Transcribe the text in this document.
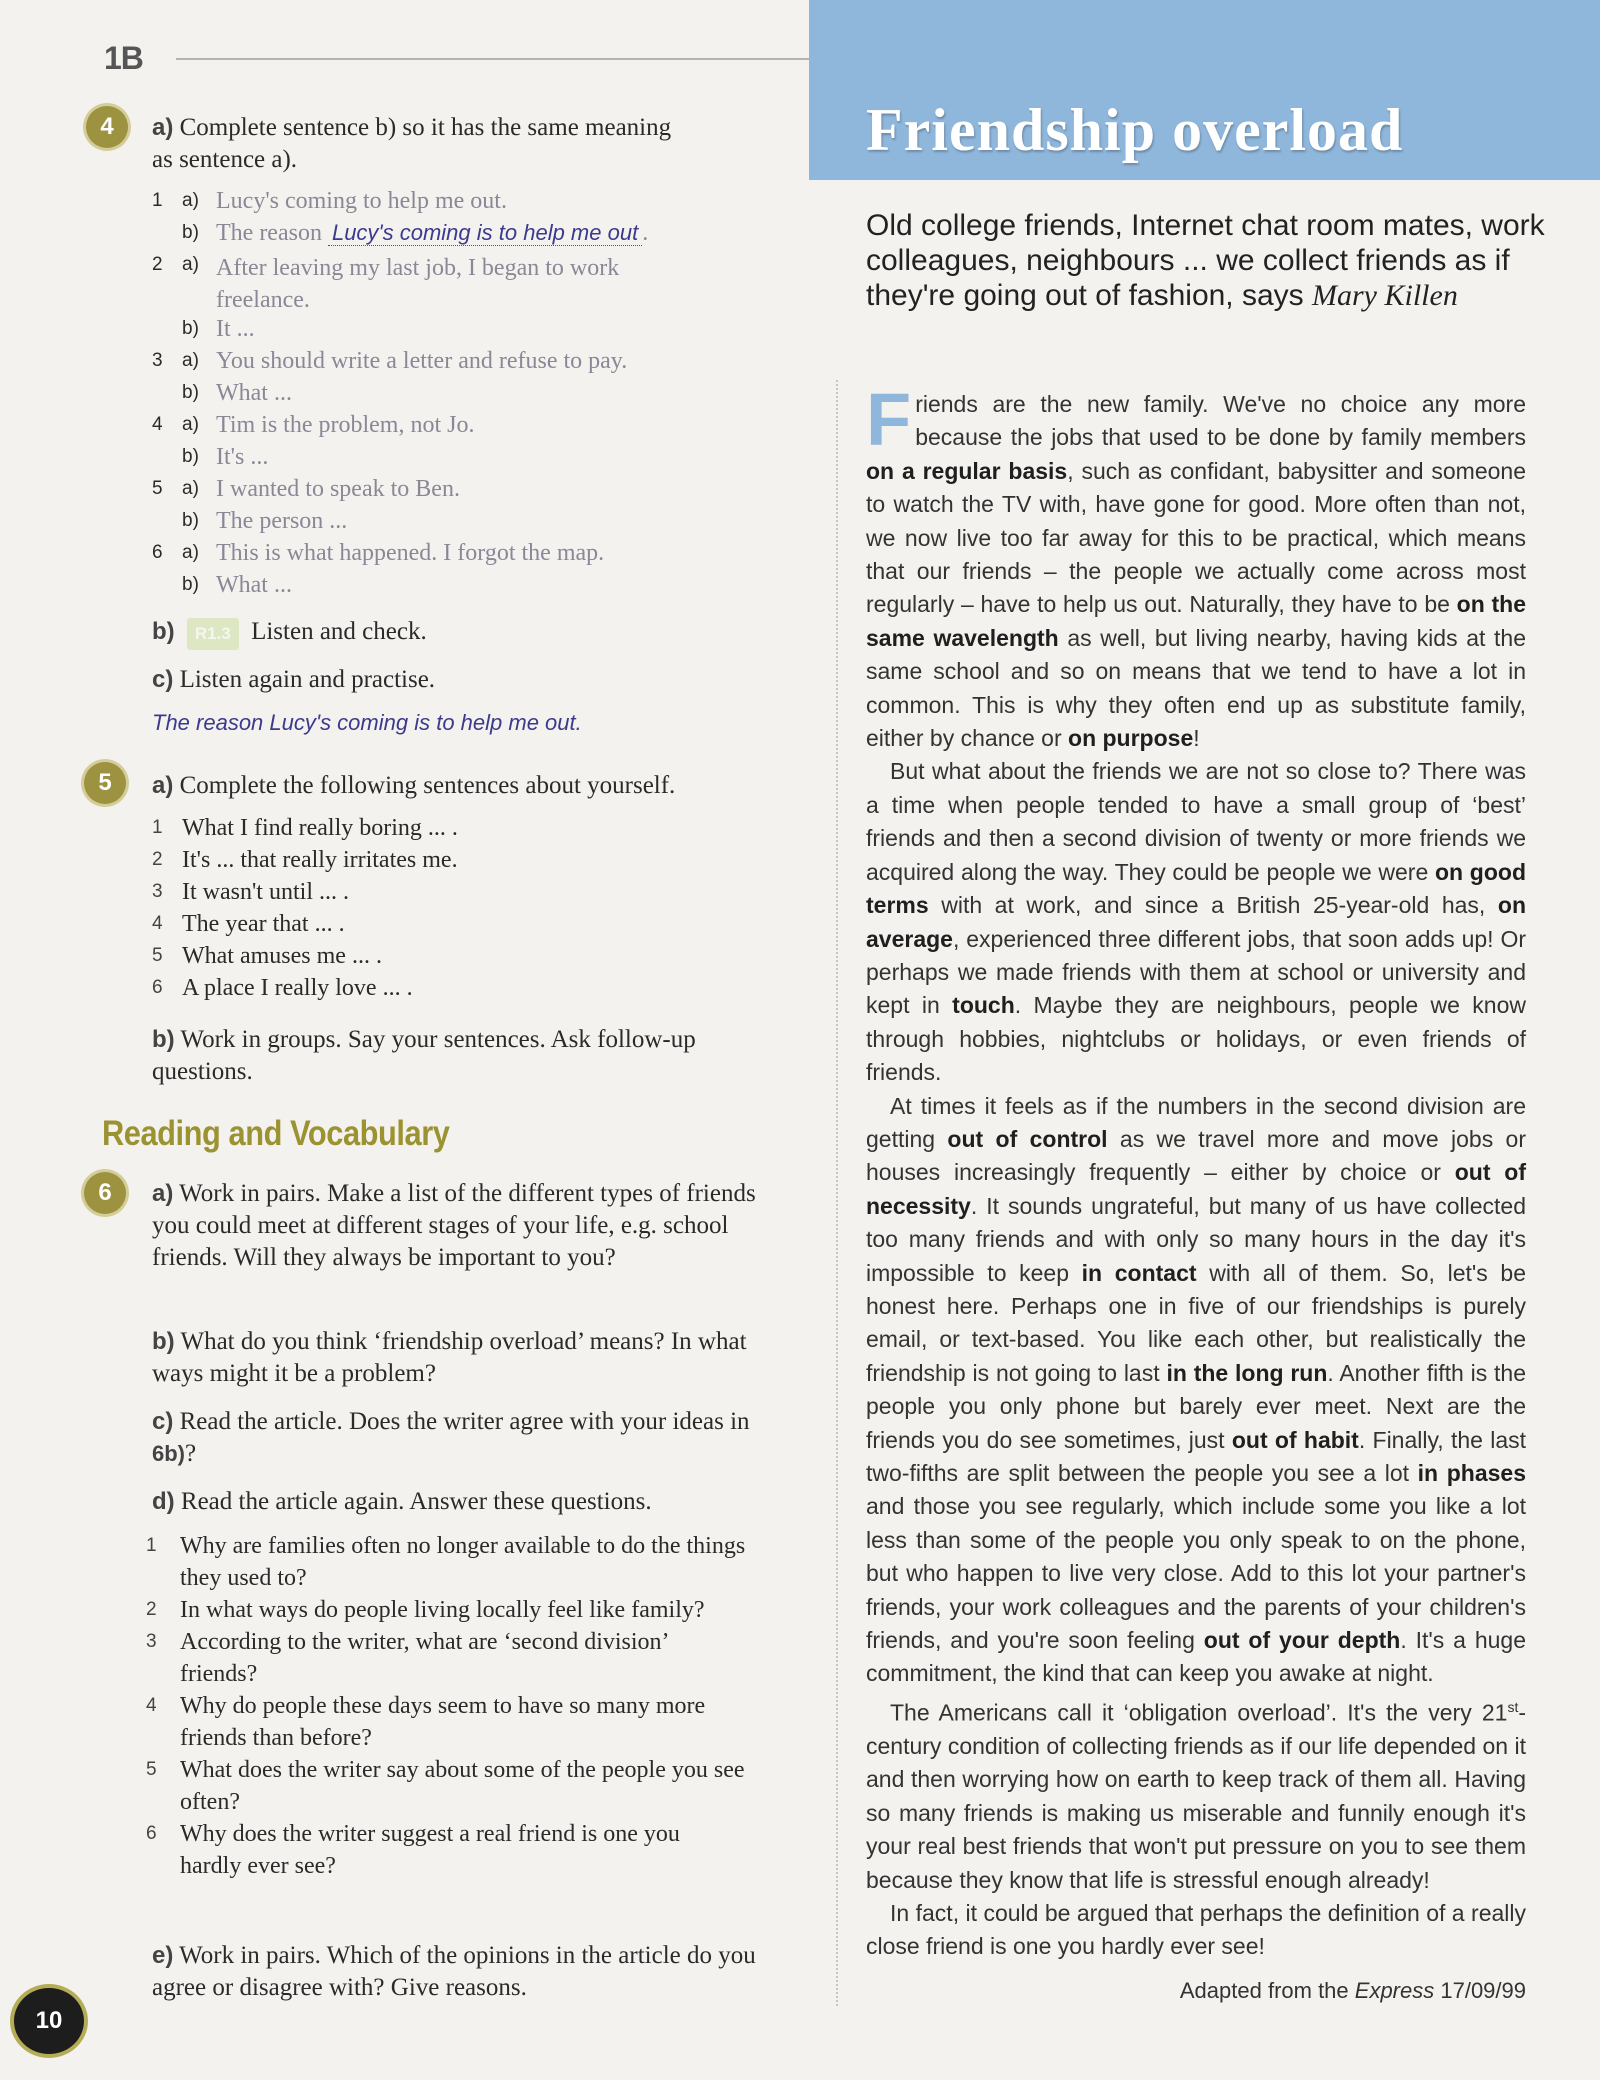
1B
4	a) Complete sentence b) so it has the same meaning as sentence a).
1 a) Lucy's coming to help me out.
b) The reason Lucy's coming is to help me out .
2 a) After leaving my last job, I began to work freelance.
b) It ...
3 a) You should write a letter and refuse to pay.
b) What ...
4 a) Tim is the problem, not Jo.
b) It's ...
5 a) I wanted to speak to Ben.
b) The person ...
6 a) This is what happened. I forgot the map.
b) What ...
b) R1.3 Listen and check.
c) Listen again and practise.
The reason Lucy's coming is to help me out.
5	a) Complete the following sentences about yourself.
1 What I find really boring ... .
2 It's ... that really irritates me.
3 It wasn't until ... .
4 The year that ... .
5 What amuses me ... .
6 A place I really love ... .
b) Work in groups. Say your sentences. Ask follow-up questions.
Reading and Vocabulary
6	a) Work in pairs. Make a list of the different types of friends you could meet at different stages of your life, e.g. school friends. Will they always be important to you?
b) What do you think ‘friendship overload’ means? In what ways might it be a problem?
c) Read the article. Does the writer agree with your ideas in 6b)?
d) Read the article again. Answer these questions.
1 Why are families often no longer available to do the things they used to?
2 In what ways do people living locally feel like family?
3 According to the writer, what are ‘second division’ friends?
4 Why do people these days seem to have so many more friends than before?
5 What does the writer say about some of the people you see often?
6 Why does the writer suggest a real friend is one you hardly ever see?
e) Work in pairs. Which of the opinions in the article do you agree or disagree with? Give reasons.
10
Friendship overload
Old college friends, Internet chat room mates, work colleagues, neighbours ... we collect friends as if they're going out of fashion, says Mary Killen

Friends are the new family. We've no choice any more because the jobs that used to be done by family members on a regular basis, such as confidant, babysitter and someone to watch the TV with, have gone for good. More often than not, we now live too far away for this to be practical, which means that our friends – the people we actually come across most regularly – have to help us out. Naturally, they have to be on the same wavelength as well, but living nearby, having kids at the same school and so on means that we tend to have a lot in common. This is why they often end up as substitute family, either by chance or on purpose!

But what about the friends we are not so close to? There was a time when people tended to have a small group of ‘best’ friends and then a second division of twenty or more friends we acquired along the way. They could be people we were on good terms with at work, and since a British 25-year-old has, on average, experienced three different jobs, that soon adds up! Or perhaps we made friends with them at school or university and kept in touch. Maybe they are neighbours, people we know through hobbies, nightclubs or holidays, or even friends of friends.

At times it feels as if the numbers in the second division are getting out of control as we travel more and move jobs or houses increasingly frequently – either by choice or out of necessity. It sounds ungrateful, but many of us have collected too many friends and with only so many hours in the day it's impossible to keep in contact with all of them. So, let's be honest here. Perhaps one in five of our friendships is purely email, or text-based. You like each other, but realistically the friendship is not going to last in the long run. Another fifth is the people you only phone but barely ever meet. Next are the friends you do see sometimes, just out of habit. Finally, the last two-fifths are split between the people you see a lot in phases and those you see regularly, which include some you like a lot less than some of the people you only speak to on the phone, but who happen to live very close. Add to this lot your partner's friends, your work colleagues and the parents of your children's friends, and you're soon feeling out of your depth. It's a huge commitment, the kind that can keep you awake at night.

The Americans call it ‘obligation overload’. It's the very 21st-century condition of collecting friends as if our life depended on it and then worrying how on earth to keep track of them all. Having so many friends is making us miserable and funnily enough it's your real best friends that won't put pressure on you to see them because they know that life is stressful enough already!

In fact, it could be argued that perhaps the definition of a really close friend is one you hardly ever see!

Adapted from the Express 17/09/99
